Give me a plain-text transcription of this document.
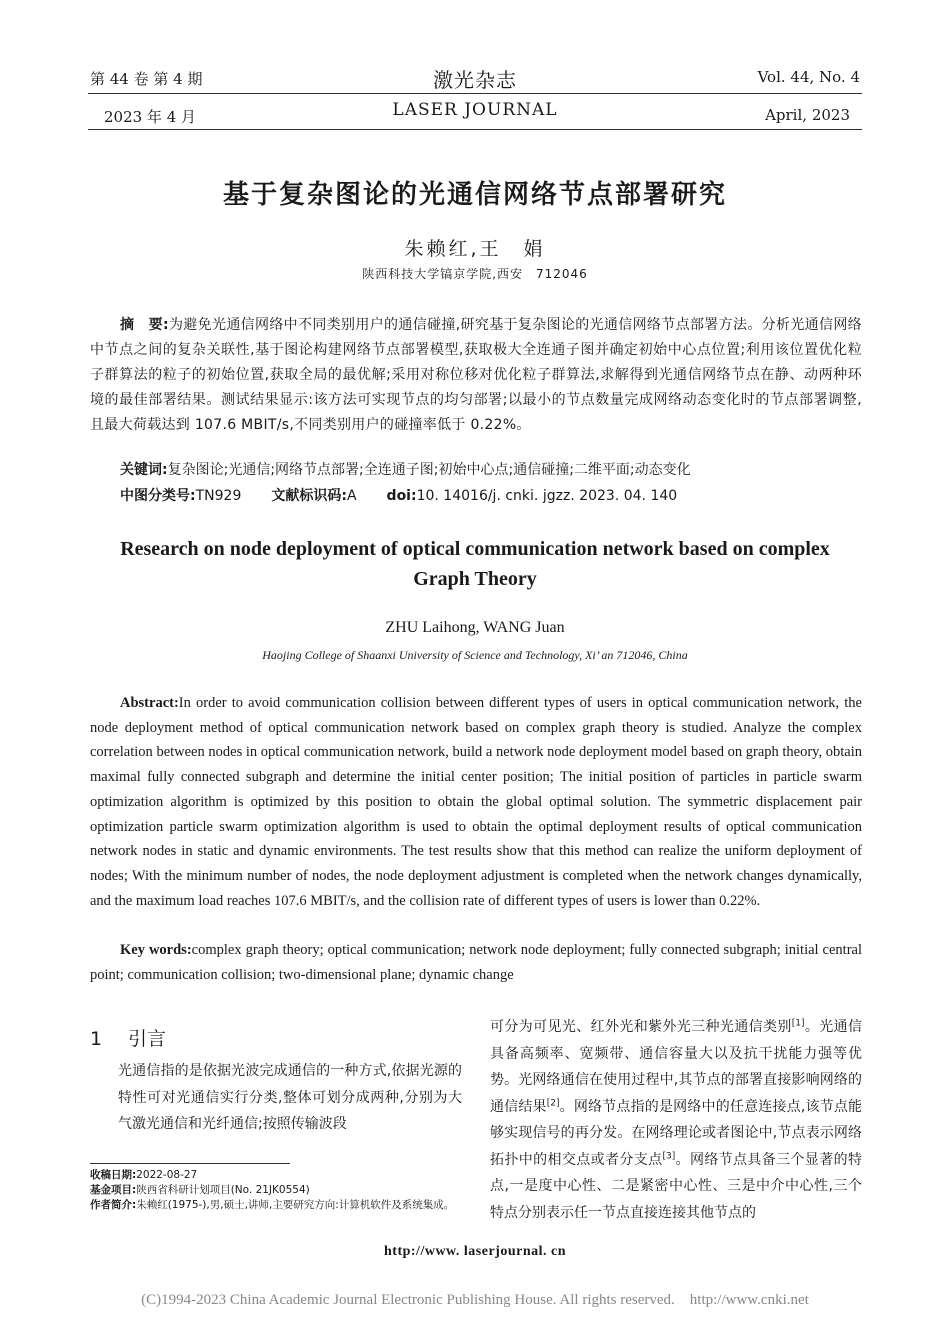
第 44 卷 第 4 期	激光杂志	Vol. 44, No. 4
2023 年 4 月	LASER JOURNAL	April, 2023
基于复杂图论的光通信网络节点部署研究
朱赖红,王　娟
陕西科技大学镐京学院,西安　712046
摘　要:为避免光通信网络中不同类别用户的通信碰撞,研究基于复杂图论的光通信网络节点部署方法。分析光通信网络中节点之间的复杂关联性,基于图论构建网络节点部署模型,获取极大全连通子图并确定初始中心点位置;利用该位置优化粒子群算法的粒子的初始位置,获取全局的最优解;采用对称位移对优化粒子群算法,求解得到光通信网络节点在静、动两种环境的最佳部署结果。测试结果显示:该方法可实现节点的均匀部署;以最小的节点数量完成网络动态变化时的节点部署调整,且最大荷载达到 107.6 MBIT/s,不同类别用户的碰撞率低于 0.22%。
关键词:复杂图论;光通信;网络节点部署;全连通子图;初始中心点;通信碰撞;二维平面;动态变化
中图分类号:TN929 文献标识码:A doi:10. 14016/j. cnki. jgzz. 2023. 04. 140
Research on node deployment of optical communication network based on complex Graph Theory
ZHU Laihong, WANG Juan
Haojing College of Shaanxi University of Science and Technology, Xi’ an 712046, China
Abstract:In order to avoid communication collision between different types of users in optical communication network, the node deployment method of optical communication network based on complex graph theory is studied. Analyze the complex correlation between nodes in optical communication network, build a network node deployment model based on graph theory, obtain maximal fully connected subgraph and determine the initial center position; The initial position of particles in particle swarm optimization algorithm is optimized by this position to obtain the global optimal solution. The symmetric displacement pair optimization particle swarm optimization algorithm is used to obtain the optimal deployment results of optical communication network nodes in static and dynamic environments. The test results show that this method can realize the uniform deployment of nodes; With the minimum number of nodes, the node deployment adjustment is completed when the network changes dynamically, and the maximum load reaches 107.6 MBIT/s, and the collision rate of different types of users is lower than 0.22%.
Key words:complex graph theory; optical communication; network node deployment; fully connected subgraph; initial central point; communication collision; two-dimensional plane; dynamic change
1 引言
光通信指的是依据光波完成通信的一种方式,依据光源的特性可对光通信实行分类,整体可划分成两种,分别为大气激光通信和光纤通信;按照传输波段
可分为可见光、红外光和紫外光三种光通信类别[1]。光通信具备高频率、宽频带、通信容量大以及抗干扰能力强等优势。光网络通信在使用过程中,其节点的部署直接影响网络的通信结果[2]。网络节点指的是网络中的任意连接点,该节点能够实现信号的再分发。在网络理论或者图论中,节点表示网络拓扑中的相交点或者分支点[3]。网络节点具备三个显著的特点,一是度中心性、二是紧密中心性、三是中介中心性,三个特点分别表示任一节点直接连接其他节点的
收稿日期:2022-08-27
基金项目:陕西省科研计划项目(No. 21JK0554)
作者简介:朱赖红(1975-),男,硕士,讲师,主要研究方向:计算机软件及系统集成。
http://www. laserjournal. cn
(C)1994-2023 China Academic Journal Electronic Publishing House. All rights reserved.　http://www.cnki.net
